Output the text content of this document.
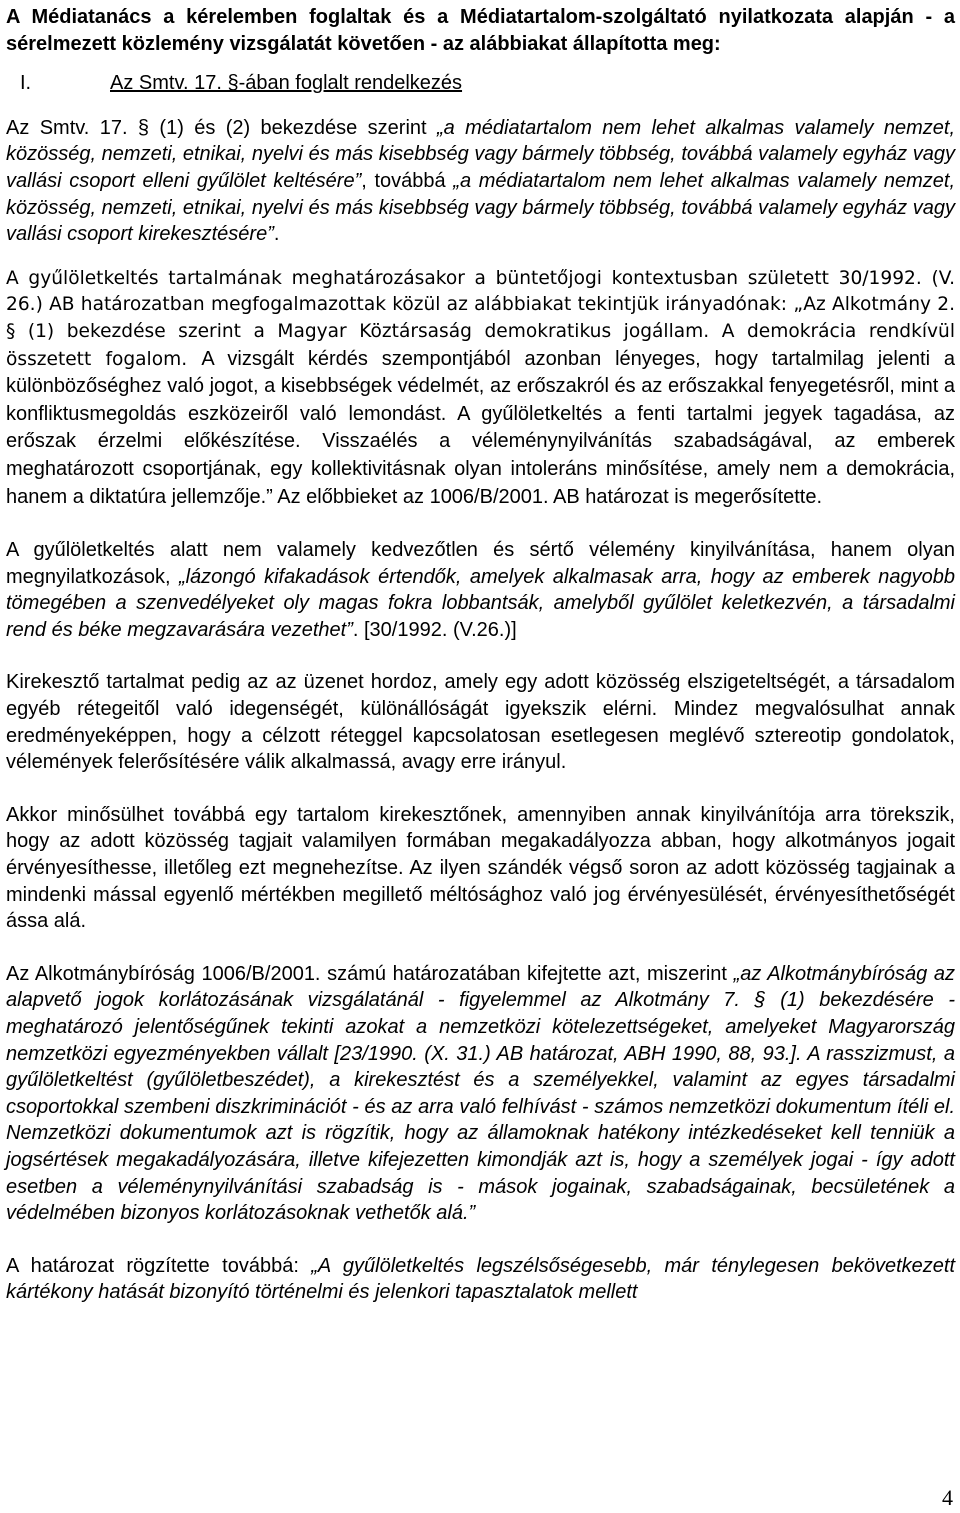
A Médiatanács a kérelemben foglaltak és a Médiatartalom-szolgáltató nyilatkozata alapján - a sérelmezett közlemény vizsgálatát követően - az alábbiakat állapította meg:

I.	Az Smtv. 17. §-ában foglalt rendelkezés

Az Smtv. 17. § (1) és (2) bekezdése szerint „a médiatartalom nem lehet alkalmas valamely nemzet, közösség, nemzeti, etnikai, nyelvi és más kisebbség vagy bármely többség, továbbá valamely egyház vagy vallási csoport elleni gyűlölet keltésére”, továbbá „a médiatartalom nem lehet alkalmas valamely nemzet, közösség, nemzeti, etnikai, nyelvi és más kisebbség vagy bármely többség, továbbá valamely egyház vagy vallási csoport kirekesztésére”.

A gyűlöletkeltés tartalmának meghatározásakor a büntetőjogi kontextusban született 30/1992. (V. 26.) AB határozatban megfogalmazottak közül az alábbiakat tekintjük irányadónak: „Az Alkotmány 2. § (1) bekezdése szerint a Magyar Köztársaság demokratikus jogállam. A demokrácia rendkívül összetett fogalom. A vizsgált kérdés szempontjából azonban lényeges, hogy tartalmilag jelenti a különbözőséghez való jogot, a kisebbségek védelmét, az erőszakról és az erőszakkal fenyegetésről, mint a konfliktusmegoldás eszközeiről való lemondást. A gyűlöletkeltés a fenti tartalmi jegyek tagadása, az erőszak érzelmi előkészítése. Visszaélés a véleménynyilvánítás szabadságával, az emberek meghatározott csoportjának, egy kollektivitásnak olyan intoleráns minősítése, amely nem a demokrácia, hanem a diktatúra jellemzője.” Az előbbieket az 1006/B/2001. AB határozat is megerősítette.

A gyűlöletkeltés alatt nem valamely kedvezőtlen és sértő vélemény kinyilvánítása, hanem olyan megnyilatkozások, „lázongó kifakadások értendők, amelyek alkalmasak arra, hogy az emberek nagyobb tömegében a szenvedélyeket oly magas fokra lobbantsák, amelyből gyűlölet keletkezvén, a társadalmi rend és béke megzavarására vezethet”. [30/1992. (V.26.)]

Kirekesztő tartalmat pedig az az üzenet hordoz, amely egy adott közösség elszigeteltségét, a társadalom egyéb rétegeitől való idegenségét, különállóságát igyekszik elérni. Mindez megvalósulhat annak eredményeképpen, hogy a célzott réteggel kapcsolatosan esetlegesen meglévő sztereotip gondolatok, vélemények felerősítésére válik alkalmassá, avagy erre irányul.

Akkor minősülhet továbbá egy tartalom kirekesztőnek, amennyiben annak kinyilvánítója arra törekszik, hogy az adott közösség tagjait valamilyen formában megakadályozza abban, hogy alkotmányos jogait érvényesíthesse, illetőleg ezt megnehezítse. Az ilyen szándék végső soron az adott közösség tagjainak a mindenki mással egyenlő mértékben megillető méltósághoz való jog érvényesülését, érvényesíthetőségét ássa alá.

Az Alkotmánybíróság 1006/B/2001. számú határozatában kifejtette azt, miszerint „az Alkotmánybíróság az alapvető jogok korlátozásának vizsgálatánál - figyelemmel az Alkotmány 7. § (1) bekezdésére - meghatározó jelentőségűnek tekinti azokat a nemzetközi kötelezettségeket, amelyeket Magyarország nemzetközi egyezményekben vállalt [23/1990. (X. 31.) AB határozat, ABH 1990, 88, 93.]. A rasszizmust, a gyűlöletkeltést (gyűlöletbeszédet), a kirekesztést és a személyekkel, valamint az egyes társadalmi csoportokkal szembeni diszkriminációt - és az arra való felhívást - számos nemzetközi dokumentum ítéli el. Nemzetközi dokumentumok azt is rögzítik, hogy az államoknak hatékony intézkedéseket kell tenniük a jogsértések megakadályozására, illetve kifejezetten kimondják azt is, hogy a személyek jogai - így adott esetben a véleménynyilvánítási szabadság is - mások jogainak, szabadságainak, becsületének a védelmében bizonyos korlátozásoknak vethetők alá.”

A határozat rögzítette továbbá: „A gyűlöletkeltés legszélsőségesebb, már ténylegesen bekövetkezett kártékony hatását bizonyító történelmi és jelenkori tapasztalatok mellett

4
